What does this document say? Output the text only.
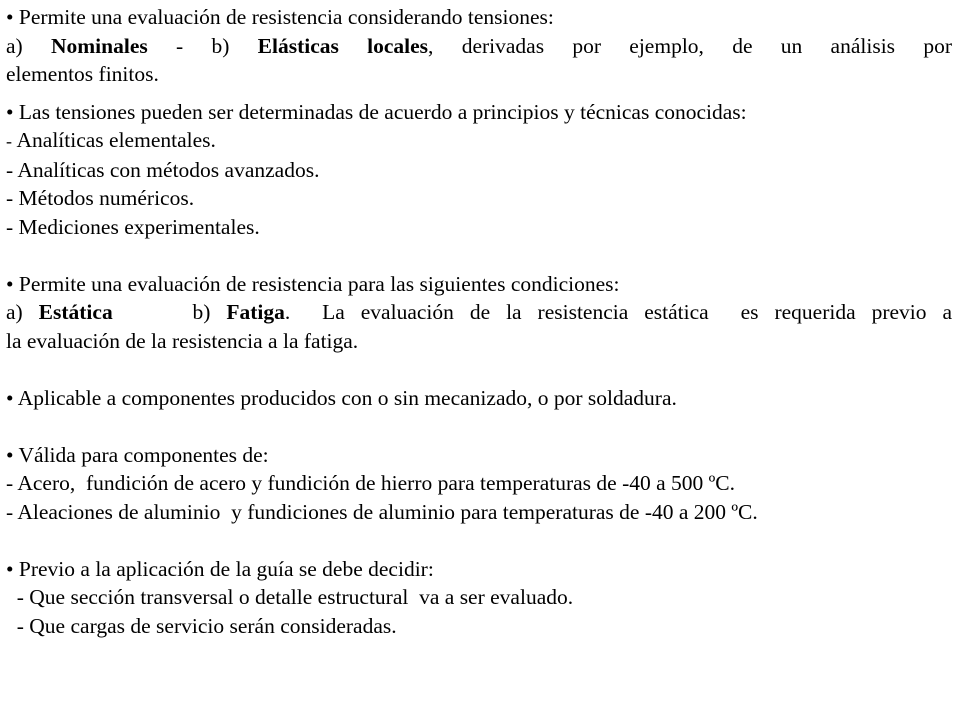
• Permite una evaluación de resistencia considerando tensiones:
a) Nominales - b) Elásticas locales, derivadas por ejemplo, de un análisis por
elementos finitos.
• Las tensiones pueden ser determinadas de acuerdo a principios y técnicas conocidas:
- Analíticas elementales.
- Analíticas con métodos avanzados.
- Métodos numéricos.
- Mediciones experimentales.
• Permite una evaluación de resistencia para las siguientes condiciones:
a) Estática     b) Fatiga.  La evaluación de la resistencia estática  es requerida previo a
la evaluación de la resistencia a la fatiga.
• Aplicable a componentes producidos con o sin mecanizado, o por soldadura.
• Válida para componentes de:
- Acero,  fundición de acero y fundición de hierro para temperaturas de -40 a 500 ºC.
- Aleaciones de aluminio  y fundiciones de aluminio para temperaturas de -40 a 200 ºC.
• Previo a la aplicación de la guía se debe decidir:
- Que sección transversal o detalle estructural  va a ser evaluado.
- Que cargas de servicio serán consideradas.
